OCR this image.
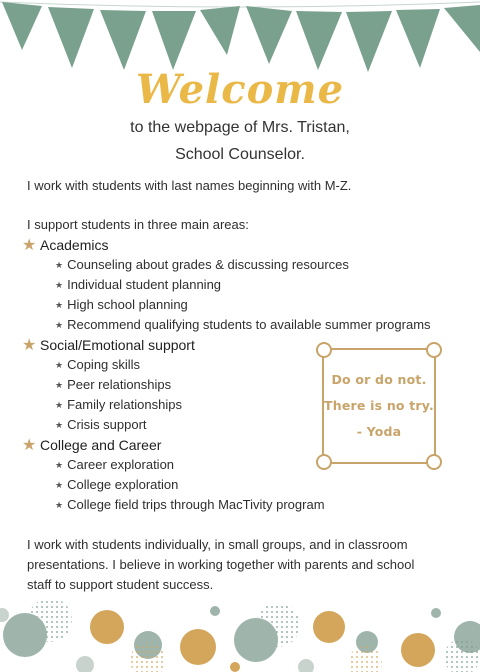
Welcome
to the webpage of Mrs. Tristan,
School Counselor.
I work with students with last names beginning with M-Z.
I support students in three main areas:
★ Academics
★ Counseling about grades & discussing resources
★ Individual student planning
★ High school planning
★ Recommend qualifying students to available summer programs
★ Social/Emotional support
★ Coping skills
★ Peer relationships
★ Family relationships
★ Crisis support
★ College and Career
★ Career exploration
★ College exploration
★ College field trips through MacTivity program
Do or do not.
There is no try.
- Yoda
I work with students individually, in small groups, and in classroom
presentations. I believe in working together with parents and school
staff to support student success.
